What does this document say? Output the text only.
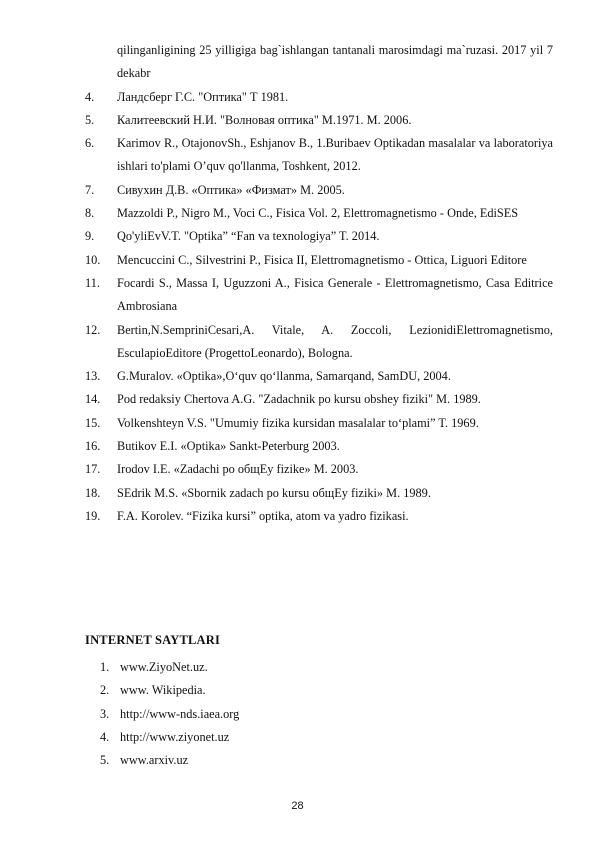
qilinganligining 25 yilligiga bag`ishlangan tantanali marosimdagi ma`ruzasi. 2017 yil 7 dekabr
4.	Ландсберг Г.С. "Оптика" Т 1981.
5.	Калитеевский Н.И. "Волновая оптика" М.1971. М. 2006.
6.	Karimov R., OtajonovSh., Eshjanov B., 1.Buribaev Optikadan masalalar va laboratoriya ishlari to'plami O’quv qo'llanma, Toshkent, 2012.
7.	Сивухин Д.В. «Оптика» «Физмат» М. 2005.
8.	Mazzoldi P., Nigro M., Voci C., Fisica Vol. 2, Elettromagnetismo - Onde, EdiSES
9.	Qo'yliEvV.T. "Optika” “Fan va texnologiya” T. 2014.
10.	Mencuccini C., Silvestrini P., Fisica II, Elettromagnetismo - Ottica, Liguori Editore
11.	Focardi S., Massa I, Uguzzoni A., Fisica Generale - Elettromagnetismo, Casa Editrice Ambrosiana
12.	Bertin,N.SempriniCesari,A. Vitale, A. Zoccoli, LezionidiElettromagnetismo, EsculapioEditore (ProgettoLeonardo), Bologna.
13.	G.Muralov. «Optika»,O‘quv qo‘llanma, Samarqand, SamDU, 2004.
14.	Pod redaksiy Chertova A.G. "Zadachnik po kursu obshey fiziki" M. 1989.
15.	Volkenshteyn V.S. "Umumiy fizika kursidan masalalar to‘plami” T. 1969.
16.	Butikov E.I. «Optika» Sankt-Peterburg 2003.
17.	Irodov I.E. «Zadachi po oбщEy fizike» M. 2003.
18.	SEdrik M.S. «Sbornik zadach po kursu oбщEy fiziki» M. 1989.
19.	F.A. Korolev. “Fizika kursi” optika, atom va yadro fizikasi.
INTERNET SAYTLARI
1. www.ZiyoNet.uz.
2. www. Wikipedia.
3. http://www-nds.iaea.org
4. http://www.ziyonet.uz
5. www.arxiv.uz
28
